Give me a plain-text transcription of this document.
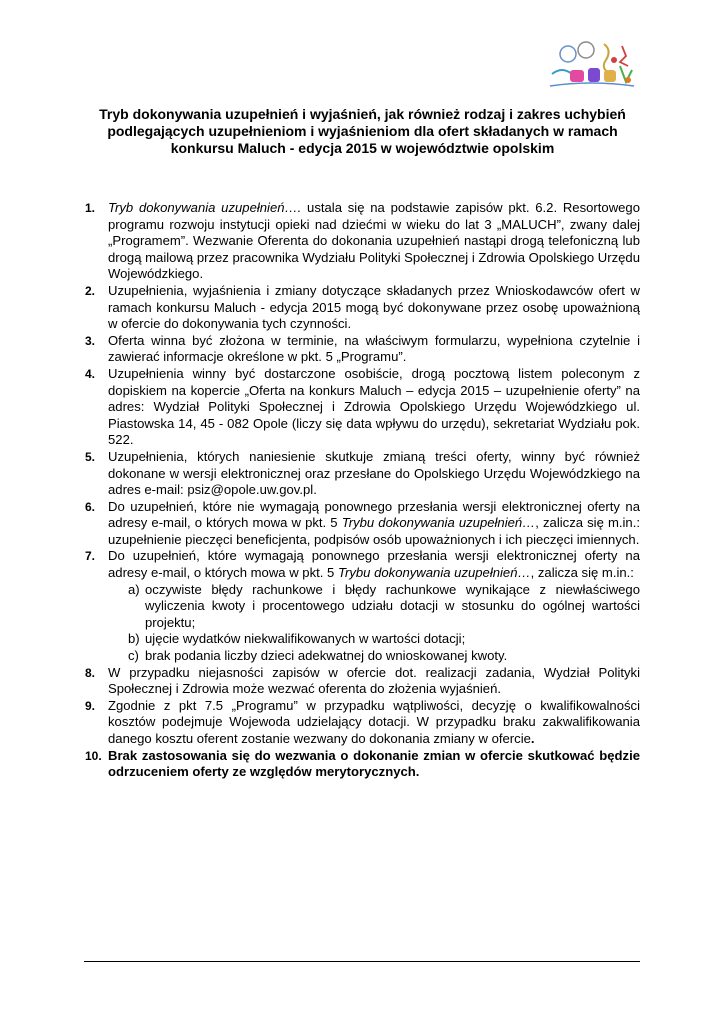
Tryb dokonywania uzupełnień i wyjaśnień, jak również rodzaj i zakres uchybień
podlegających uzupełnieniom i wyjaśnieniom dla ofert składanych w ramach
konkursu Maluch - edycja 2015 w województwie opolskim
1. Tryb dokonywania uzupełnień…. ustala się na podstawie zapisów pkt. 6.2. Resortowego programu rozwoju instytucji opieki nad dziećmi w wieku do lat 3 „MALUCH”, zwany dalej „Programem”. Wezwanie Oferenta do dokonania uzupełnień nastąpi drogą telefoniczną lub drogą mailową przez pracownika Wydziału Polityki Społecznej i Zdrowia Opolskiego Urzędu Wojewódzkiego.
2. Uzupełnienia, wyjaśnienia i zmiany dotyczące składanych przez Wnioskodawców ofert w ramach konkursu Maluch - edycja 2015 mogą być dokonywane przez osobę upoważnioną w ofercie do dokonywania tych czynności.
3. Oferta winna być złożona w terminie, na właściwym formularzu, wypełniona czytelnie i zawierać informacje określone w pkt. 5 „Programu”.
4. Uzupełnienia winny być dostarczone osobiście, drogą pocztową listem poleconym z dopiskiem na kopercie „Oferta na konkurs Maluch – edycja 2015 – uzupełnienie oferty” na adres: Wydział Polityki Społecznej i Zdrowia Opolskiego Urzędu Wojewódzkiego ul. Piastowska 14, 45 - 082 Opole (liczy się data wpływu do urzędu), sekretariat Wydziału pok. 522.
5. Uzupełnienia, których naniesienie skutkuje zmianą treści oferty, winny być również dokonane w wersji elektronicznej oraz przesłane do Opolskiego Urzędu Wojewódzkiego na adres e-mail: psiz@opole.uw.gov.pl.
6. Do uzupełnień, które nie wymagają ponownego przesłania wersji elektronicznej oferty na adresy e-mail, o których mowa w pkt. 5 Trybu dokonywania uzupełnień…, zalicza się m.in.: uzupełnienie pieczęci beneficjenta, podpisów osób upoważnionych i ich pieczęci imiennych.
7. Do uzupełnień, które wymagają ponownego przesłania wersji elektronicznej oferty na adresy e-mail, o których mowa w pkt. 5 Trybu dokonywania uzupełnień…, zalicza się m.in.:
a) oczywiste błędy rachunkowe i błędy rachunkowe wynikające z niewłaściwego wyliczenia kwoty i procentowego udziału dotacji w stosunku do ogólnej wartości projektu;
b) ujęcie wydatków niekwalifikowanych w wartości dotacji;
c) brak podania liczby dzieci adekwatnej do wnioskowanej kwoty.
8. W przypadku niejasności zapisów w ofercie dot. realizacji zadania, Wydział Polityki Społecznej i Zdrowia może wezwać oferenta do złożenia wyjaśnień.
9. Zgodnie z pkt 7.5 „Programu” w przypadku wątpliwości, decyzję o kwalifikowalności kosztów podejmuje Wojewoda udzielający dotacji. W przypadku braku zakwalifikowania danego kosztu oferent zostanie wezwany do dokonania zmiany w ofercie.
10. Brak zastosowania się do wezwania o dokonanie zmian w ofercie skutkować będzie odrzuceniem oferty ze względów merytorycznych.
